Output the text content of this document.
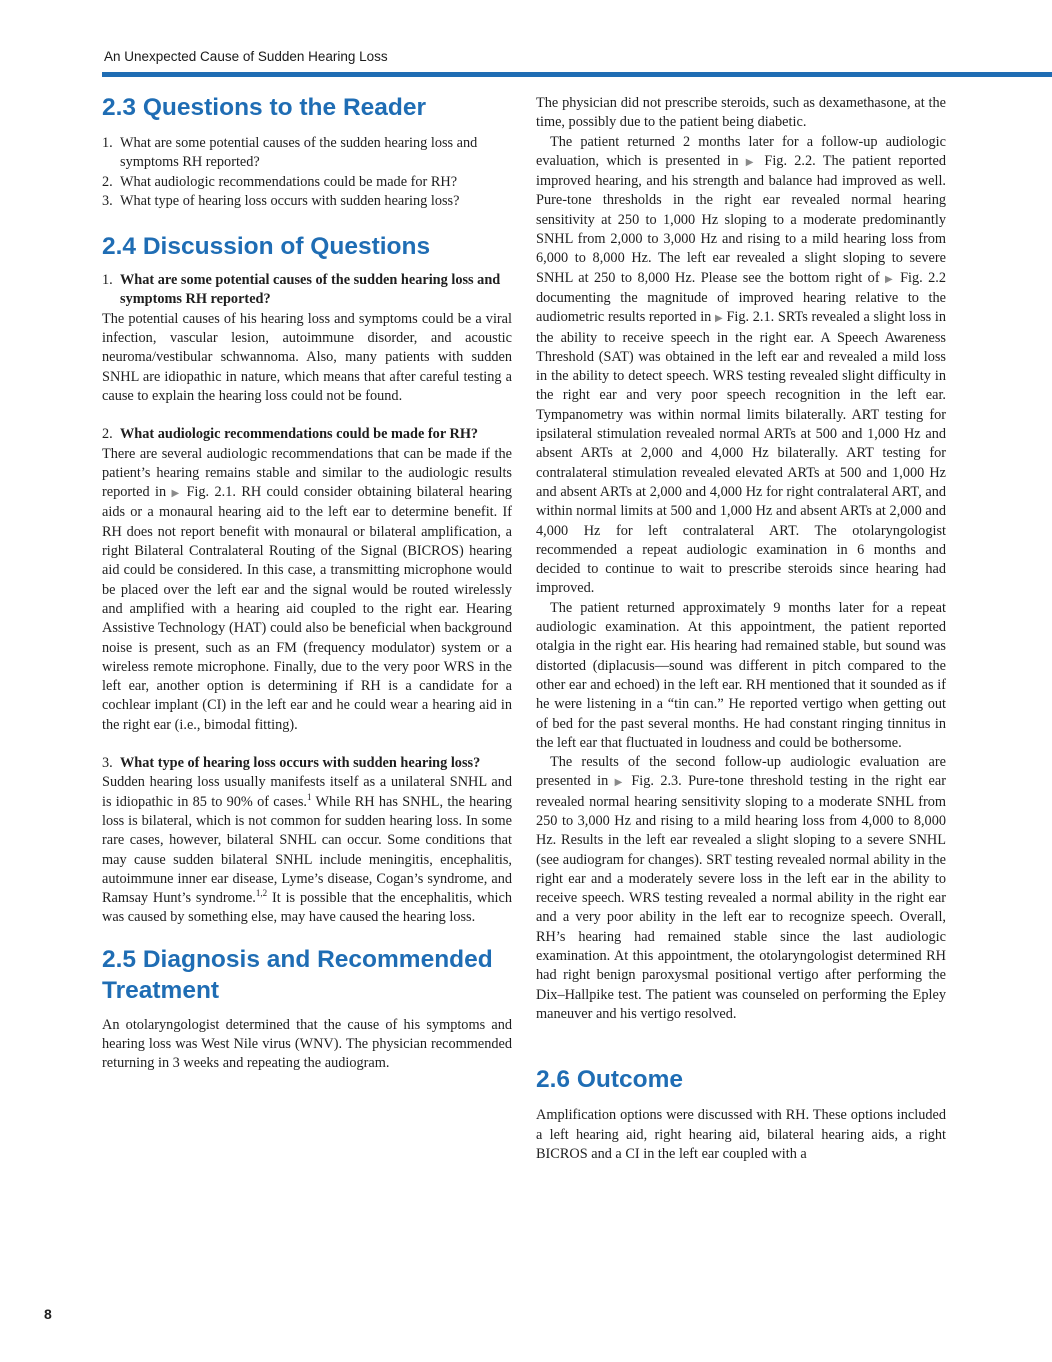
An Unexpected Cause of Sudden Hearing Loss
2.3 Questions to the Reader
1. What are some potential causes of the sudden hearing loss and symptoms RH reported?
2. What audiologic recommendations could be made for RH?
3. What type of hearing loss occurs with sudden hearing loss?
2.4 Discussion of Questions
1. What are some potential causes of the sudden hearing loss and symptoms RH reported?

The potential causes of his hearing loss and symptoms could be a viral infection, vascular lesion, autoimmune disorder, and acoustic neuroma/vestibular schwannoma. Also, many patients with sudden SNHL are idiopathic in nature, which means that after careful testing a cause to explain the hearing loss could not be found.

2. What audiologic recommendations could be made for RH?

There are several audiologic recommendations that can be made if the patient’s hearing remains stable and similar to the audiologic results reported in ▶ Fig. 2.1. RH could consider obtaining bilateral hearing aids or a monaural hearing aid to the left ear to determine benefit. If RH does not report benefit with monaural or bilateral amplification, a right Bilateral Contralateral Routing of the Signal (BICROS) hearing aid could be considered. In this case, a transmitting microphone would be placed over the left ear and the signal would be routed wirelessly and amplified with a hearing aid coupled to the right ear. Hearing Assistive Technology (HAT) could also be beneficial when background noise is present, such as an FM (frequency modulator) system or a wireless remote microphone. Finally, due to the very poor WRS in the left ear, another option is determining if RH is a candidate for a cochlear implant (CI) in the left ear and he could wear a hearing aid in the right ear (i.e., bimodal fitting).

3. What type of hearing loss occurs with sudden hearing loss?

Sudden hearing loss usually manifests itself as a unilateral SNHL and is idiopathic in 85 to 90% of cases.$^1$ While RH has SNHL, the hearing loss is bilateral, which is not common for sudden hearing loss. In some rare cases, however, bilateral SNHL can occur. Some conditions that may cause sudden bilateral SNHL include meningitis, encephalitis, autoimmune inner ear disease, Lyme’s disease, Cogan’s syndrome, and Ramsay Hunt’s syndrome.$^{1,2}$ It is possible that the encephalitis, which was caused by something else, may have caused the hearing loss.

2.5 Diagnosis and Recommended Treatment

An otolaryngologist determined that the cause of his symptoms and hearing loss was West Nile virus (WNV). The physician recommended returning in 3 weeks and repeating the audiogram.

The physician did not prescribe steroids, such as dexamethasone, at the time, possibly due to the patient being diabetic.

The patient returned 2 months later for a follow-up audiologic evaluation, which is presented in ▶ Fig. 2.2. The patient reported improved hearing, and his strength and balance had improved as well. Pure-tone thresholds in the right ear revealed normal hearing sensitivity at 250 to 1,000 Hz sloping to a moderate predominantly SNHL from 2,000 to 3,000 Hz and rising to a mild hearing loss from 6,000 to 8,000 Hz. The left ear revealed a slight sloping to severe SNHL at 250 to 8,000 Hz. Please see the bottom right of ▶ Fig. 2.2 documenting the magnitude of improved hearing relative to the audiometric results reported in ▶ Fig. 2.1. SRTs revealed a slight loss in the ability to receive speech in the right ear. A Speech Awareness Threshold (SAT) was obtained in the left ear and revealed a mild loss in the ability to detect speech. WRS testing revealed slight difficulty in the right ear and very poor speech recognition in the left ear. Tympanometry was within normal limits bilaterally. ART testing for ipsilateral stimulation revealed normal ARTs at 500 and 1,000 Hz and absent ARTs at 2,000 and 4,000 Hz bilaterally. ART testing for contralateral stimulation revealed elevated ARTs at 500 and 1,000 Hz and absent ARTs at 2,000 and 4,000 Hz for right contralateral ART, and within normal limits at 500 and 1,000 Hz and absent ARTs at 2,000 and 4,000 Hz for left contralateral ART. The otolaryngologist recommended a repeat audiologic examination in 6 months and decided to continue to wait to prescribe steroids since hearing had improved.

The patient returned approximately 9 months later for a repeat audiologic examination. At this appointment, the patient reported otalgia in the right ear. His hearing had remained stable, but sound was distorted (diplacusis—sound was different in pitch compared to the other ear and echoed) in the left ear. RH mentioned that it sounded as if he were listening in a “tin can.” He reported vertigo when getting out of bed for the past several months. He had constant ringing tinnitus in the left ear that fluctuated in loudness and could be bothersome.

The results of the second follow-up audiologic evaluation are presented in ▶ Fig. 2.3. Pure-tone threshold testing in the right ear revealed normal hearing sensitivity sloping to a moderate SNHL from 250 to 3,000 Hz and rising to a mild hearing loss from 4,000 to 8,000 Hz. Results in the left ear revealed a slight sloping to a severe SNHL (see audiogram for changes). SRT testing revealed normal ability in the right ear and a moderately severe loss in the left ear in the ability to receive speech. WRS testing revealed a normal ability in the right ear and a very poor ability in the left ear to recognize speech. Overall, RH’s hearing had remained stable since the last audiologic examination. At this appointment, the otolaryngologist determined RH had right benign paroxysmal positional vertigo after performing the Dix–Hallpike test. The patient was counseled on performing the Epley maneuver and his vertigo resolved.

2.6 Outcome

Amplification options were discussed with RH. These options included a left hearing aid, right hearing aid, bilateral hearing aids, a right BICROS and a CI in the left ear coupled with a

8
